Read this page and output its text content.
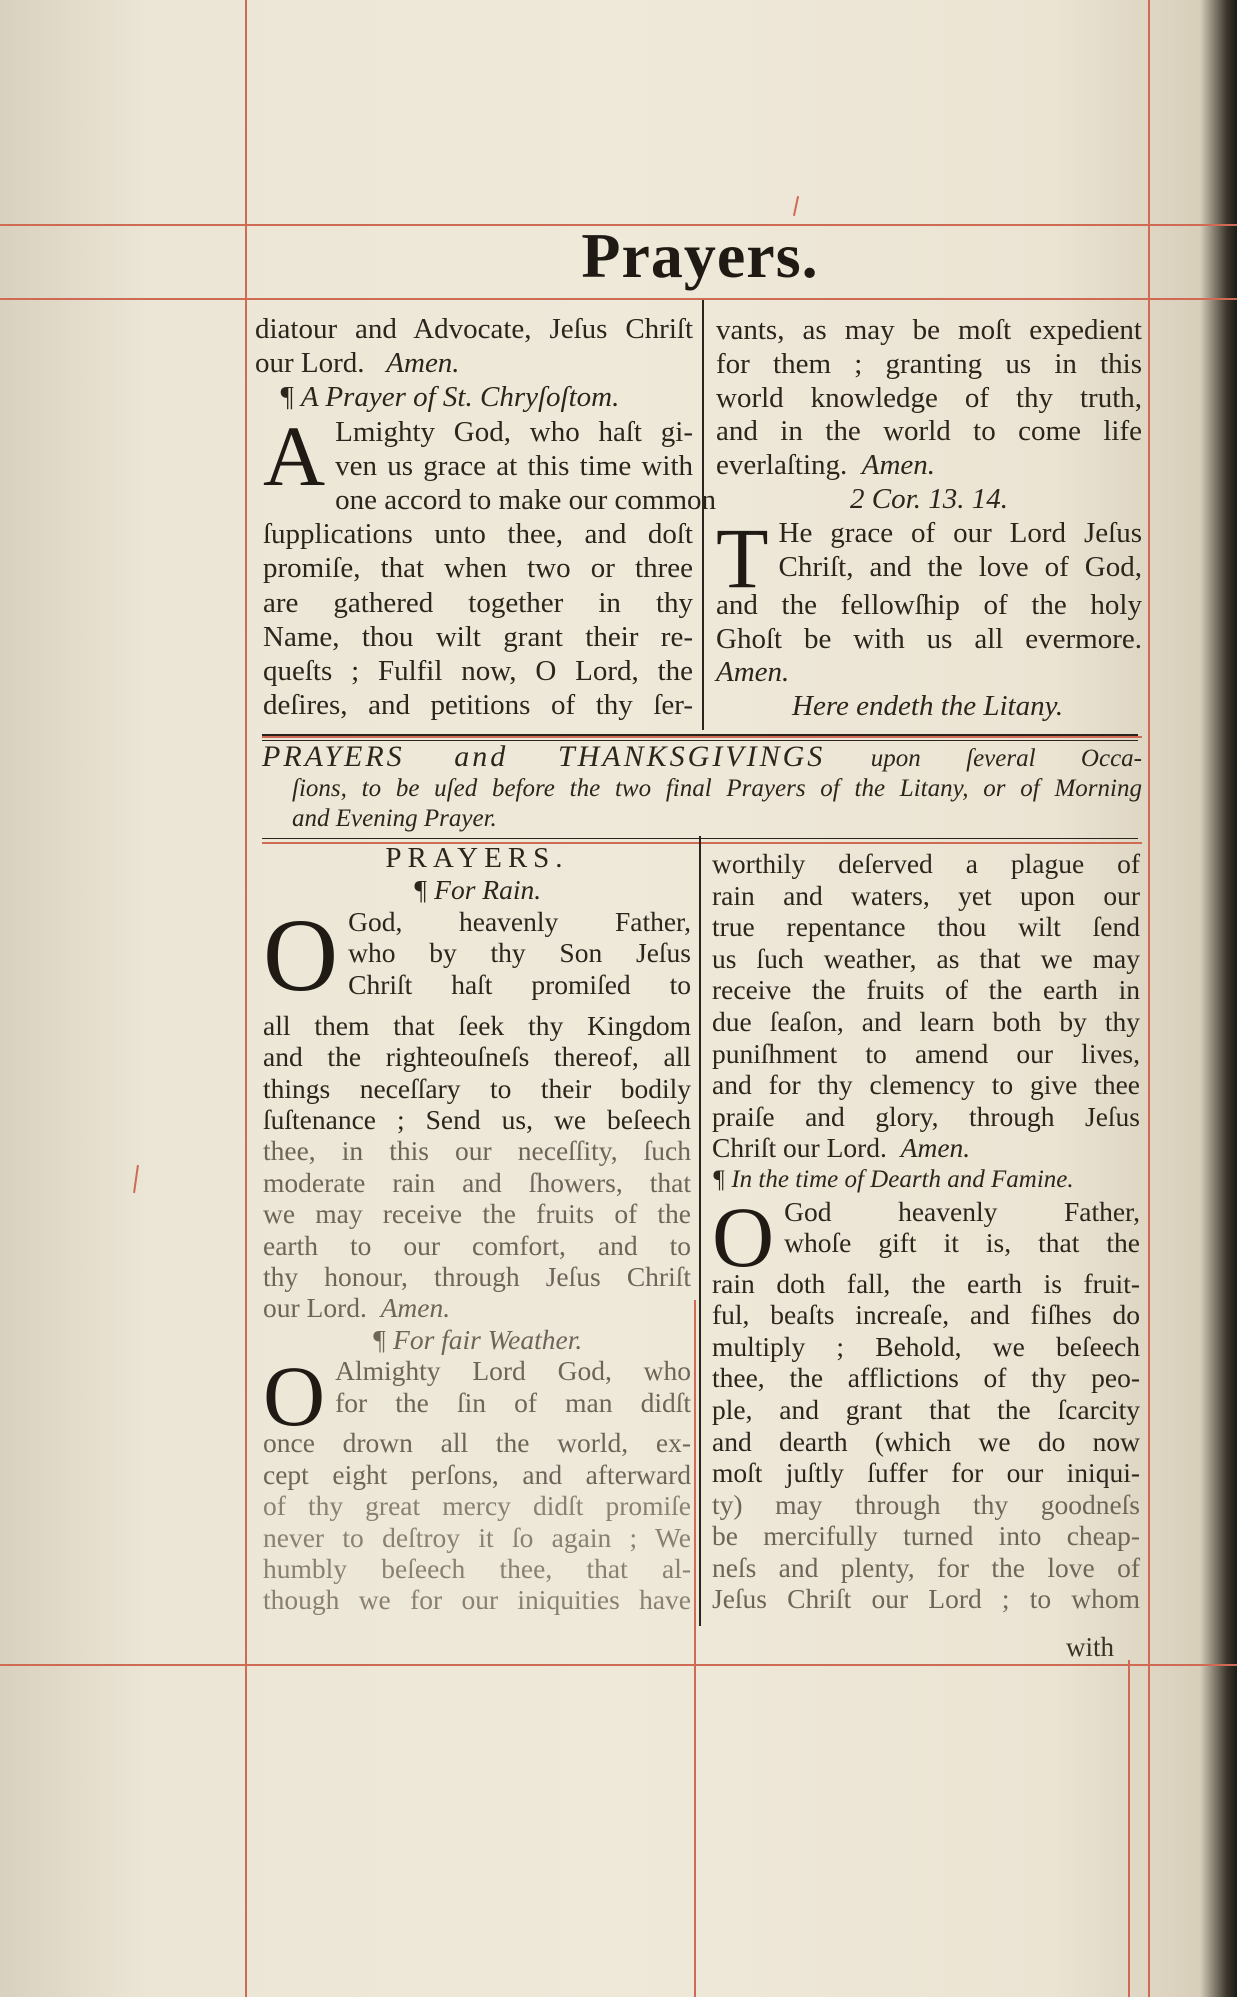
Prayers.
diatour and Advocate, Jeſus Chriſt
our Lord. Amen.
¶ A Prayer of St. Chryſoſtom.
A Lmighty God, who haſt gi-
ven us grace at this time with
one accord to make our common
ſupplications unto thee, and doſt
promiſe, that when two or three
are gathered together in thy
Name, thou wilt grant their re-
queſts ; Fulfil now, O Lord, the
deſires, and petitions of thy ſer-
vants, as may be moſt expedient
for them ; granting us in this
world knowledge of thy truth,
and in the world to come life
everlaſting. Amen.
2 Cor. 13. 14.
T He grace of our Lord Jeſus
Chriſt, and the love of God,
and the fellowſhip of the holy
Ghoſt be with us all evermore.
Amen.
Here endeth the Litany.
PRAYERS and THANKSGIVINGS upon ſeveral Occa-
ſions, to be uſed before the two final Prayers of the Litany, or of Morning
and Evening Prayer.
PRAYERS.
¶ For Rain.
O God, heavenly Father,
who by thy Son Jeſus
Chriſt haſt promiſed to
all them that ſeek thy Kingdom
and the righteouſneſs thereof, all
things neceſſary to their bodily
ſuſtenance ; Send us, we beſeech
thee, in this our neceſſity, ſuch
moderate rain and ſhowers, that
we may receive the fruits of the
earth to our comfort, and to
thy honour, through Jeſus Chriſt
our Lord. Amen.
¶ For fair Weather.
O Almighty Lord God, who
for the ſin of man didſt
once drown all the world, ex-
cept eight perſons, and afterward
of thy great mercy didſt promiſe
never to deſtroy it ſo again ; We
humbly beſeech thee, that al-
though we for our iniquities have
worthily deſerved a plague of
rain and waters, yet upon our
true repentance thou wilt ſend
us ſuch weather, as that we may
receive the fruits of the earth in
due ſeaſon, and learn both by thy
puniſhment to amend our lives,
and for thy clemency to give thee
praiſe and glory, through Jeſus
Chriſt our Lord. Amen.
¶ In the time of Dearth and Famine.
O God heavenly Father,
whoſe gift it is, that the
rain doth fall, the earth is fruit-
ful, beaſts increaſe, and fiſhes do
multiply ; Behold, we beſeech
thee, the afflictions of thy peo-
ple, and grant that the ſcarcity
and dearth (which we do now
moſt juſtly ſuffer for our iniqui-
ty) may through thy goodneſs
be mercifully turned into cheap-
neſs and plenty, for the love of
Jeſus Chriſt our Lord ; to whom
with
